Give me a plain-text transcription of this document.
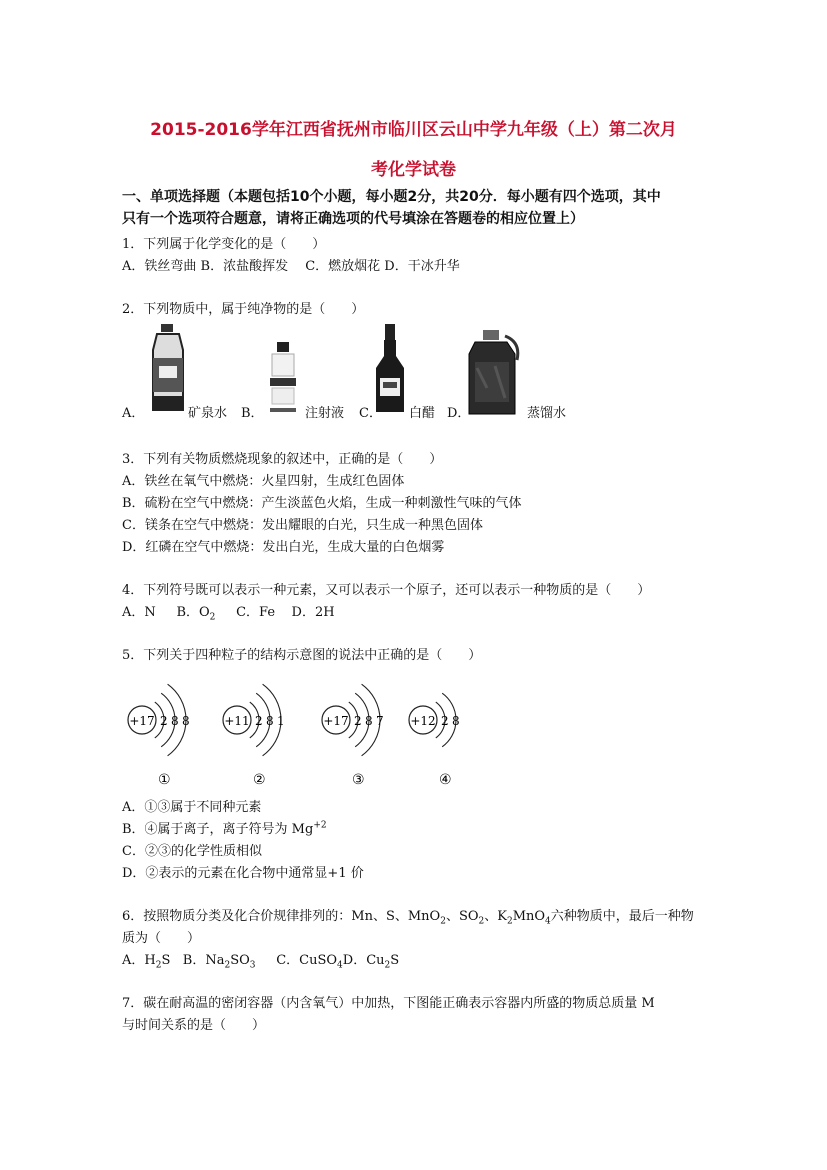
2015-2016学年江西省抚州市临川区云山中学九年级（上）第二次月
考化学试卷
一、单项选择题（本题包括10个小题，每小题2分，共20分．每小题有四个选项，其中
只有一个选项符合题意，请将正确选项的代号填涂在答题卷的相应位置上）
1．下列属于化学变化的是（　　）
A．铁丝弯曲 B．浓盐酸挥发　 C．燃放烟花 D．干冰升华
2．下列物质中，属于纯净物的是（　　）
A．	矿泉水 B．	注射液 C． 白醋 D．	蒸馏水
3．下列有关物质燃烧现象的叙述中，正确的是（　　）
A．铁丝在氧气中燃烧：火星四射，生成红色固体
B．硫粉在空气中燃烧：产生淡蓝色火焰，生成一种刺激性气味的气体
C．镁条在空气中燃烧：发出耀眼的白光，只生成一种黑色固体
D．红磷在空气中燃烧：发出白光，生成大量的白色烟雾
4．下列符号既可以表示一种元素，又可以表示一个原子，还可以表示一种物质的是（　　）
A．N B．$O_2$ C．Fe D．2H
5．下列关于四种粒子的结构示意图的说法中正确的是（　　）
+17 2 8 8
①
+11 2 8 1
②
+17 2 8 7
③
+12 2 8
④
A．①③属于不同种元素
B．④属于离子，离子符号为 $Mg^{+2}$
C．②③的化学性质相似
D．②表示的元素在化合物中通常显+1 价
6．按照物质分类及化合价规律排列的：Mn、S、MnO$_2$、$SO_2$、$K_2MnO_4$六种物质中，最后一种物
质为（　　）
A．$H_2S$ B．$Na_2SO_3$ C．CuSO$_4$D．$Cu_2S$
7．碳在耐高温的密闭容器（内含氧气）中加热，下图能正确表示容器内所盛的物质总质量 M
与时间关系的是（　　）
